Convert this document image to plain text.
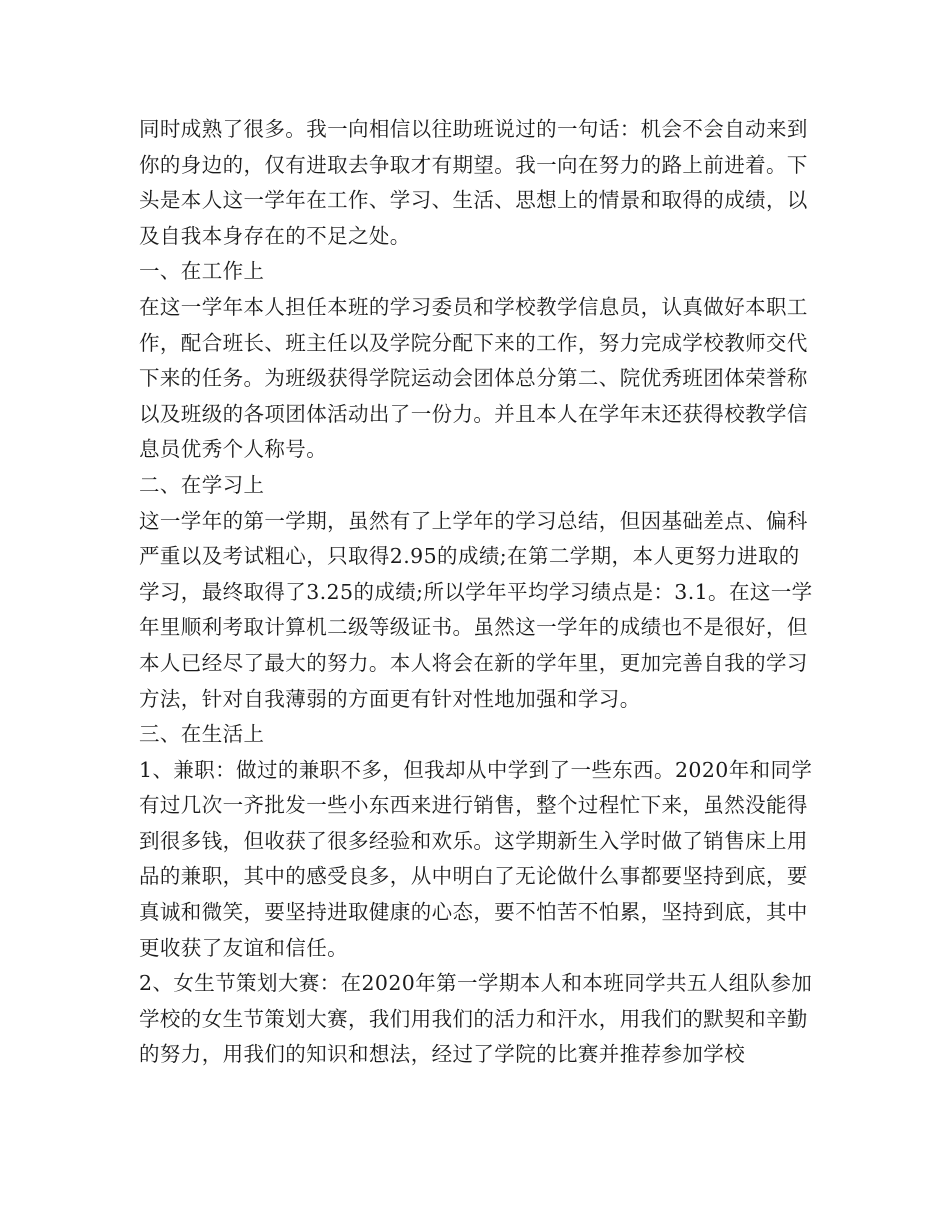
同时成熟了很多。我一向相信以往助班说过的一句话：机会不会自动来到你的身边的，仅有进取去争取才有期望。我一向在努力的路上前进着。下头是本人这一学年在工作、学习、生活、思想上的情景和取得的成绩，以及自我本身存在的不足之处。

一、在工作上

在这一学年本人担任本班的学习委员和学校教学信息员，认真做好本职工作，配合班长、班主任以及学院分配下来的工作，努力完成学校教师交代下来的任务。为班级获得学院运动会团体总分第二、院优秀班团体荣誉称以及班级的各项团体活动出了一份力。并且本人在学年末还获得校教学信息员优秀个人称号。

二、在学习上

这一学年的第一学期，虽然有了上学年的学习总结，但因基础差点、偏科严重以及考试粗心，只取得2.95的成绩;在第二学期，本人更努力进取的学习，最终取得了3.25的成绩;所以学年平均学习绩点是：3.1。在这一学年里顺利考取计算机二级等级证书。虽然这一学年的成绩也不是很好，但本人已经尽了最大的努力。本人将会在新的学年里，更加完善自我的学习方法，针对自我薄弱的方面更有针对性地加强和学习。

三、在生活上

1、兼职：做过的兼职不多，但我却从中学到了一些东西。2020年和同学有过几次一齐批发一些小东西来进行销售，整个过程忙下来，虽然没能得到很多钱，但收获了很多经验和欢乐。这学期新生入学时做了销售床上用品的兼职，其中的感受良多，从中明白了无论做什么事都要坚持到底，要真诚和微笑，要坚持进取健康的心态，要不怕苦不怕累，坚持到底，其中更收获了友谊和信任。

2、女生节策划大赛：在2020年第一学期本人和本班同学共五人组队参加学校的女生节策划大赛，我们用我们的活力和汗水，用我们的默契和辛勤的努力，用我们的知识和想法，经过了学院的比赛并推荐参加学校
